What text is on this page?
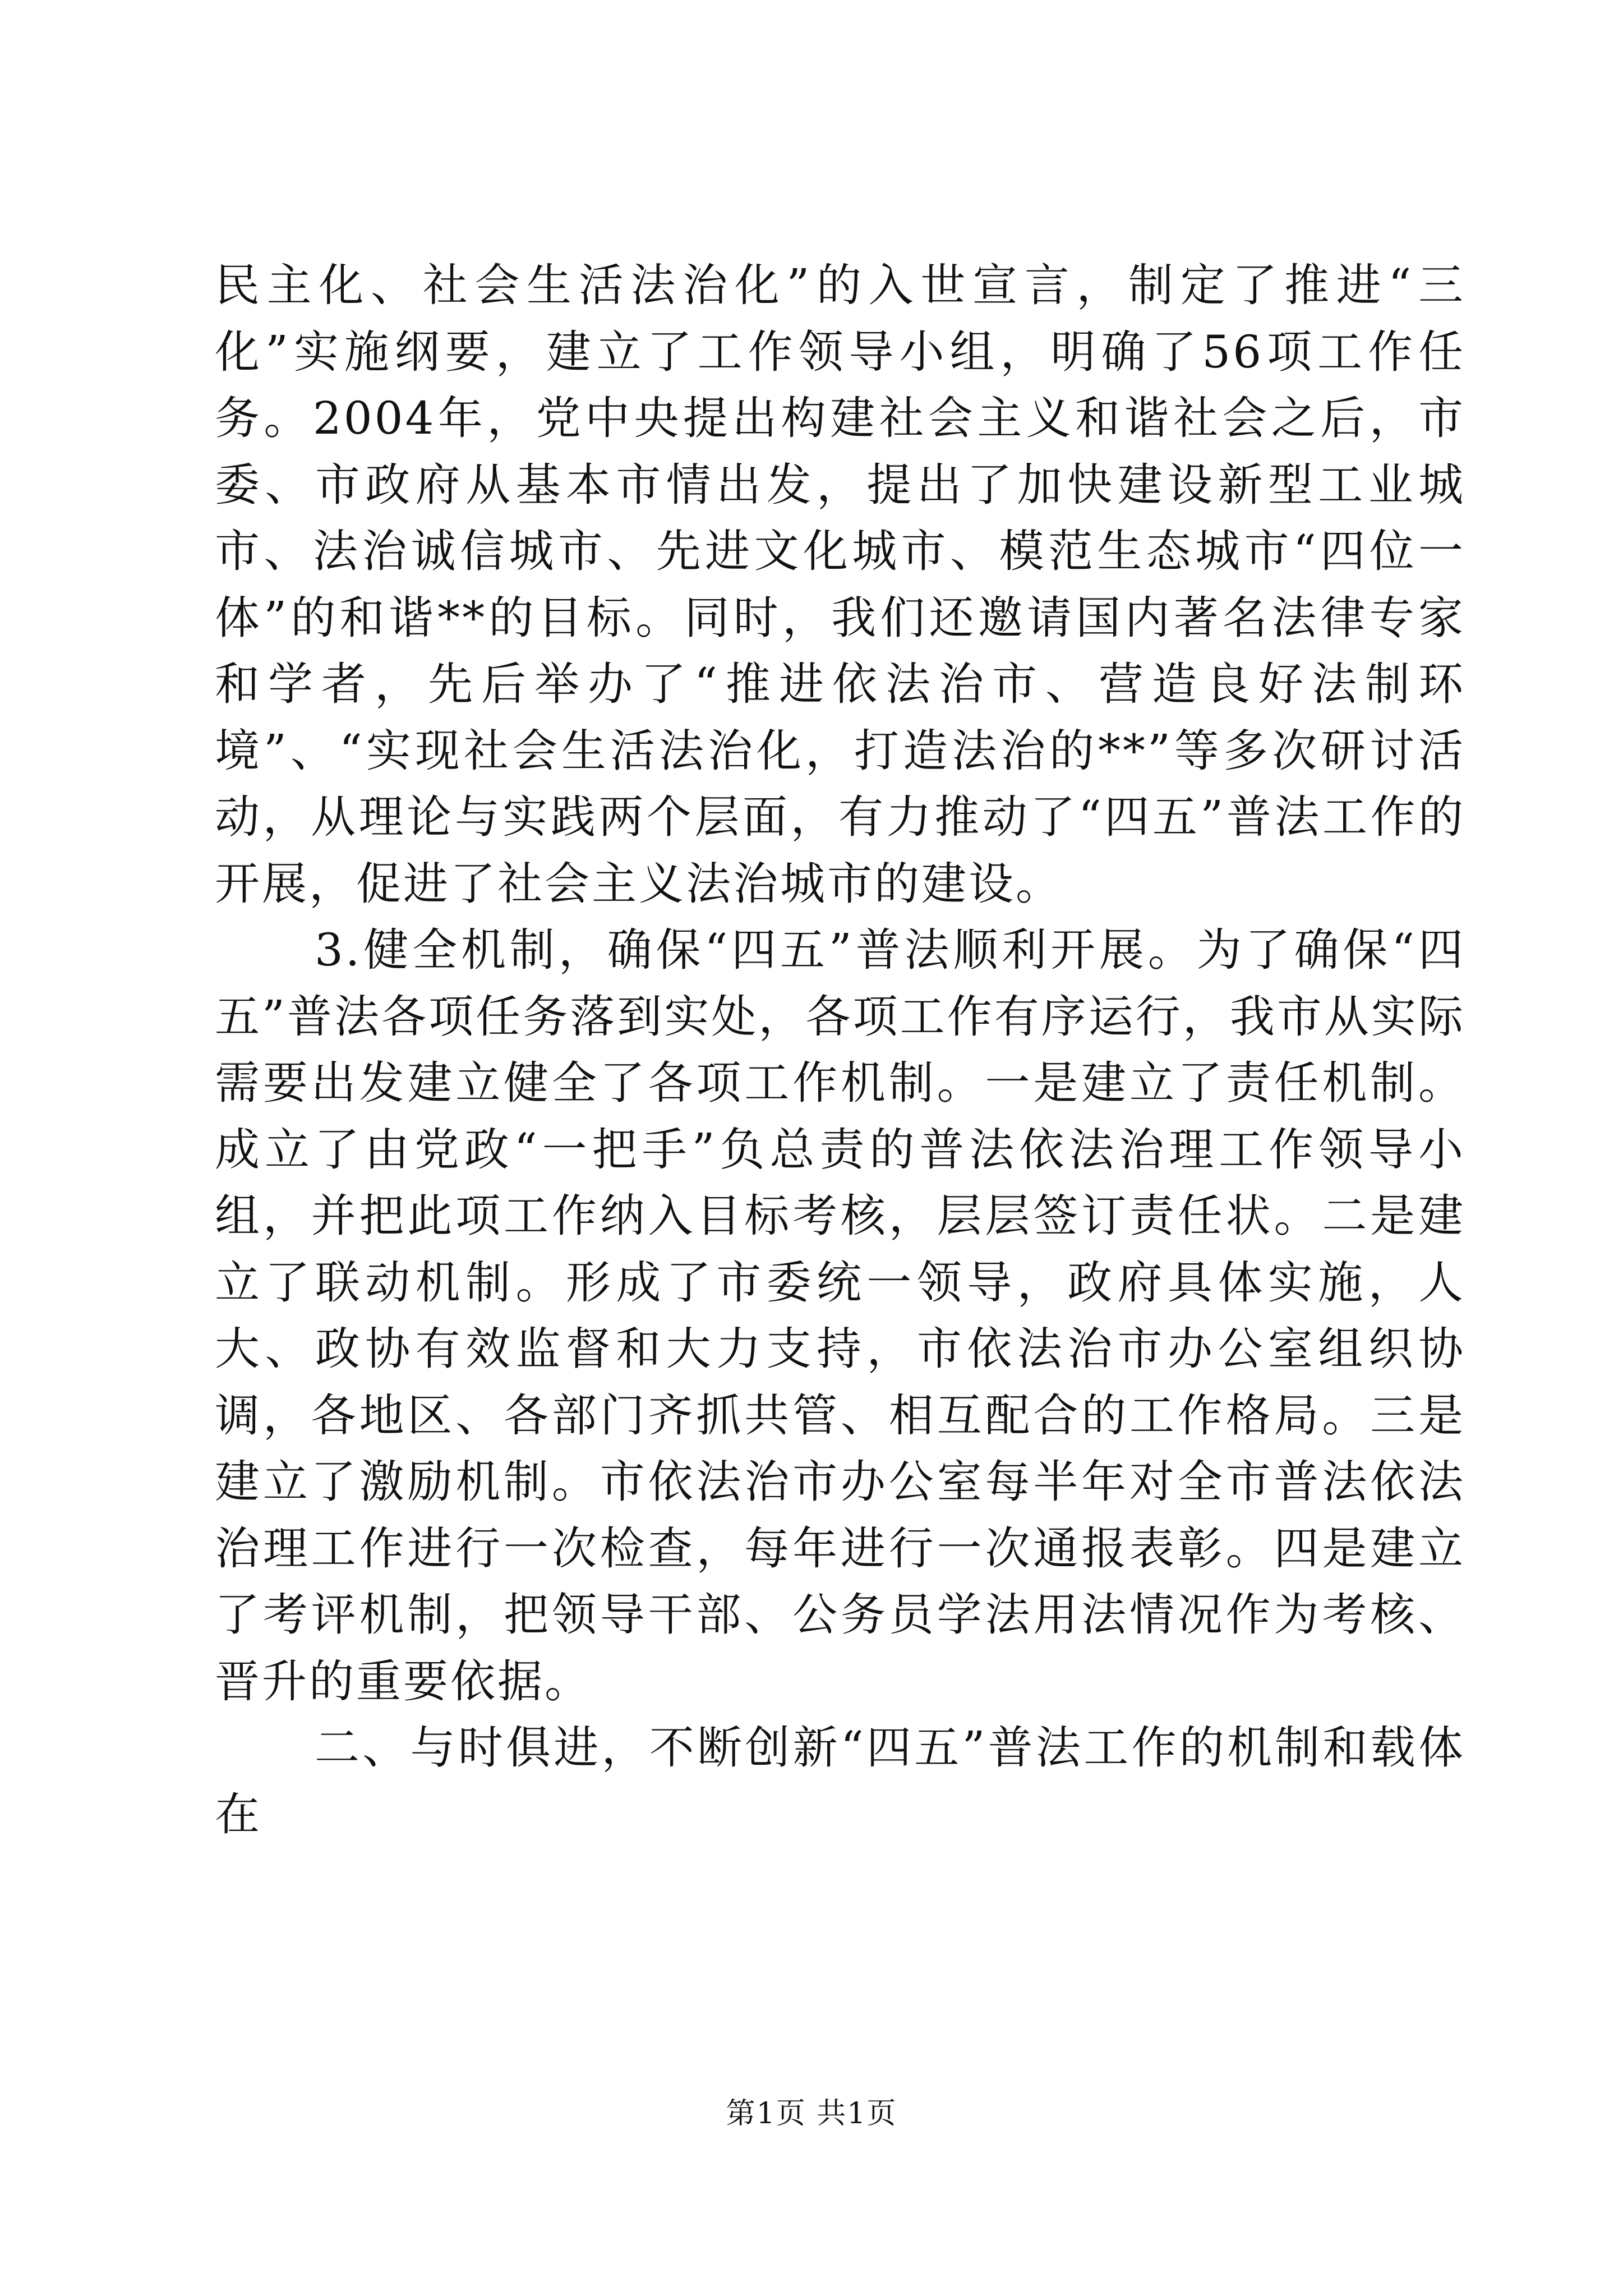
民主化、社会生活法治化”的入世宣言，制定了推进“三化”实施纲要，建立了工作领导小组，明确了56项工作任务。2004年，党中央提出构建社会主义和谐社会之后，市委、市政府从基本市情出发，提出了加快建设新型工业城市、法治诚信城市、先进文化城市、模范生态城市“四位一体”的和谐**的目标。同时，我们还邀请国内著名法律专家和学者，先后举办了“推进依法治市、营造良好法制环境”、“实现社会生活法治化，打造法治的**”等多次研讨活动，从理论与实践两个层面，有力推动了“四五”普法工作的开展，促进了社会主义法治城市的建设。

3.健全机制，确保“四五”普法顺利开展。为了确保“四五”普法各项任务落到实处，各项工作有序运行，我市从实际需要出发建立健全了各项工作机制。一是建立了责任机制。成立了由党政“一把手”负总责的普法依法治理工作领导小组，并把此项工作纳入目标考核，层层签订责任状。二是建立了联动机制。形成了市委统一领导，政府具体实施，人大、政协有效监督和大力支持，市依法治市办公室组织协调，各地区、各部门齐抓共管、相互配合的工作格局。三是建立了激励机制。市依法治市办公室每半年对全市普法依法治理工作进行一次检查，每年进行一次通报表彰。四是建立了考评机制，把领导干部、公务员学法用法情况作为考核、晋升的重要依据。

二、与时俱进，不断创新“四五”普法工作的机制和载体在

第1页 共1页
